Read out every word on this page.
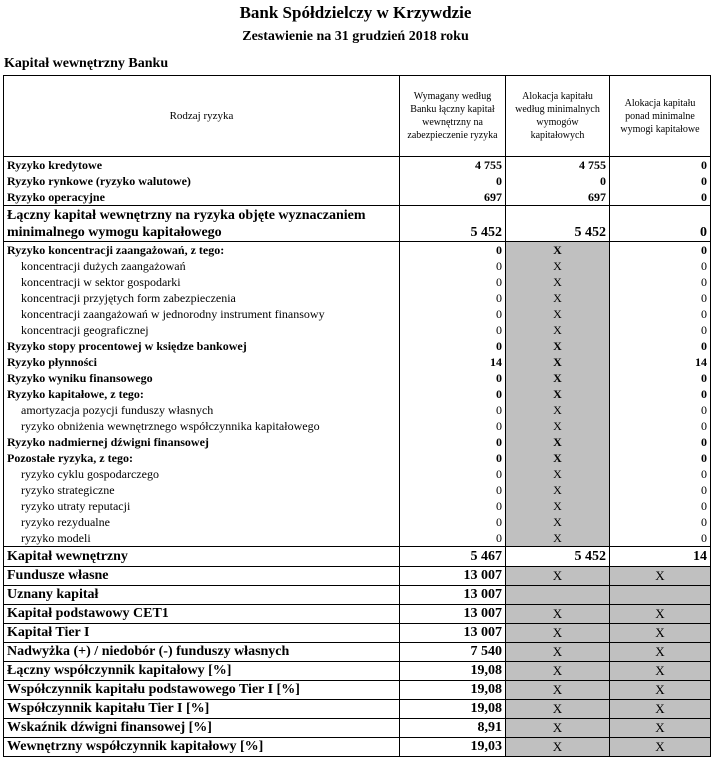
Bank Spółdzielczy w Krzywdzie
Zestawienie na 31 grudzień 2018 roku
Kapitał wewnętrzny Banku
Rodzaj ryzyka	Wymagany według Banku łączny kapitał wewnętrzny na zabezpieczenie ryzyka	Alokacja kapitału według minimalnych wymogów kapitałowych	Alokacja kapitału ponad minimalne wymogi kapitałowe
Ryzyko kredytowe	4 755	4 755	0
Ryzyko rynkowe (ryzyko walutowe)	0	0	0
Ryzyko operacyjne	697	697	0
Łączny kapitał wewnętrzny na ryzyka objęte wyznaczaniem minimalnego wymogu kapitałowego	5 452	5 452	0
Ryzyko koncentracji zaangażowań, z tego:	0	X	0
koncentracji dużych zaangażowań	0	X	0
koncentracji w sektor gospodarki	0	X	0
koncentracji przyjętych form zabezpieczenia	0	X	0
koncentracji zaangażowań w jednorodny instrument finansowy	0	X	0
koncentracji geograficznej	0	X	0
Ryzyko stopy procentowej w księdze bankowej	0	X	0
Ryzyko płynności	14	X	14
Ryzyko wyniku finansowego	0	X	0
Ryzyko kapitałowe, z tego:	0	X	0
amortyzacja pozycji funduszy własnych	0	X	0
ryzyko obniżenia wewnętrznego współczynnika kapitałowego	0	X	0
Ryzyko nadmiernej dźwigni finansowej	0	X	0
Pozostałe ryzyka, z tego:	0	X	0
ryzyko cyklu gospodarczego	0	X	0
ryzyko strategiczne	0	X	0
ryzyko utraty reputacji	0	X	0
ryzyko rezydualne	0	X	0
ryzyko modeli	0	X	0
Kapitał wewnętrzny	5 467	5 452	14
Fundusze własne	13 007	X	X
Uznany kapitał	13 007		
Kapitał podstawowy CET1	13 007	X	X
Kapitał Tier I	13 007	X	X
Nadwyżka (+) / niedobór (-) funduszy własnych	7 540	X	X
Łączny współczynnik kapitałowy [%]	19,08	X	X
Współczynnik kapitału podstawowego Tier I [%]	19,08	X	X
Współczynnik kapitału Tier I [%]	19,08	X	X
Wskaźnik dźwigni finansowej [%]	8,91	X	X
Wewnętrzny współczynnik kapitałowy [%]	19,03	X	X
